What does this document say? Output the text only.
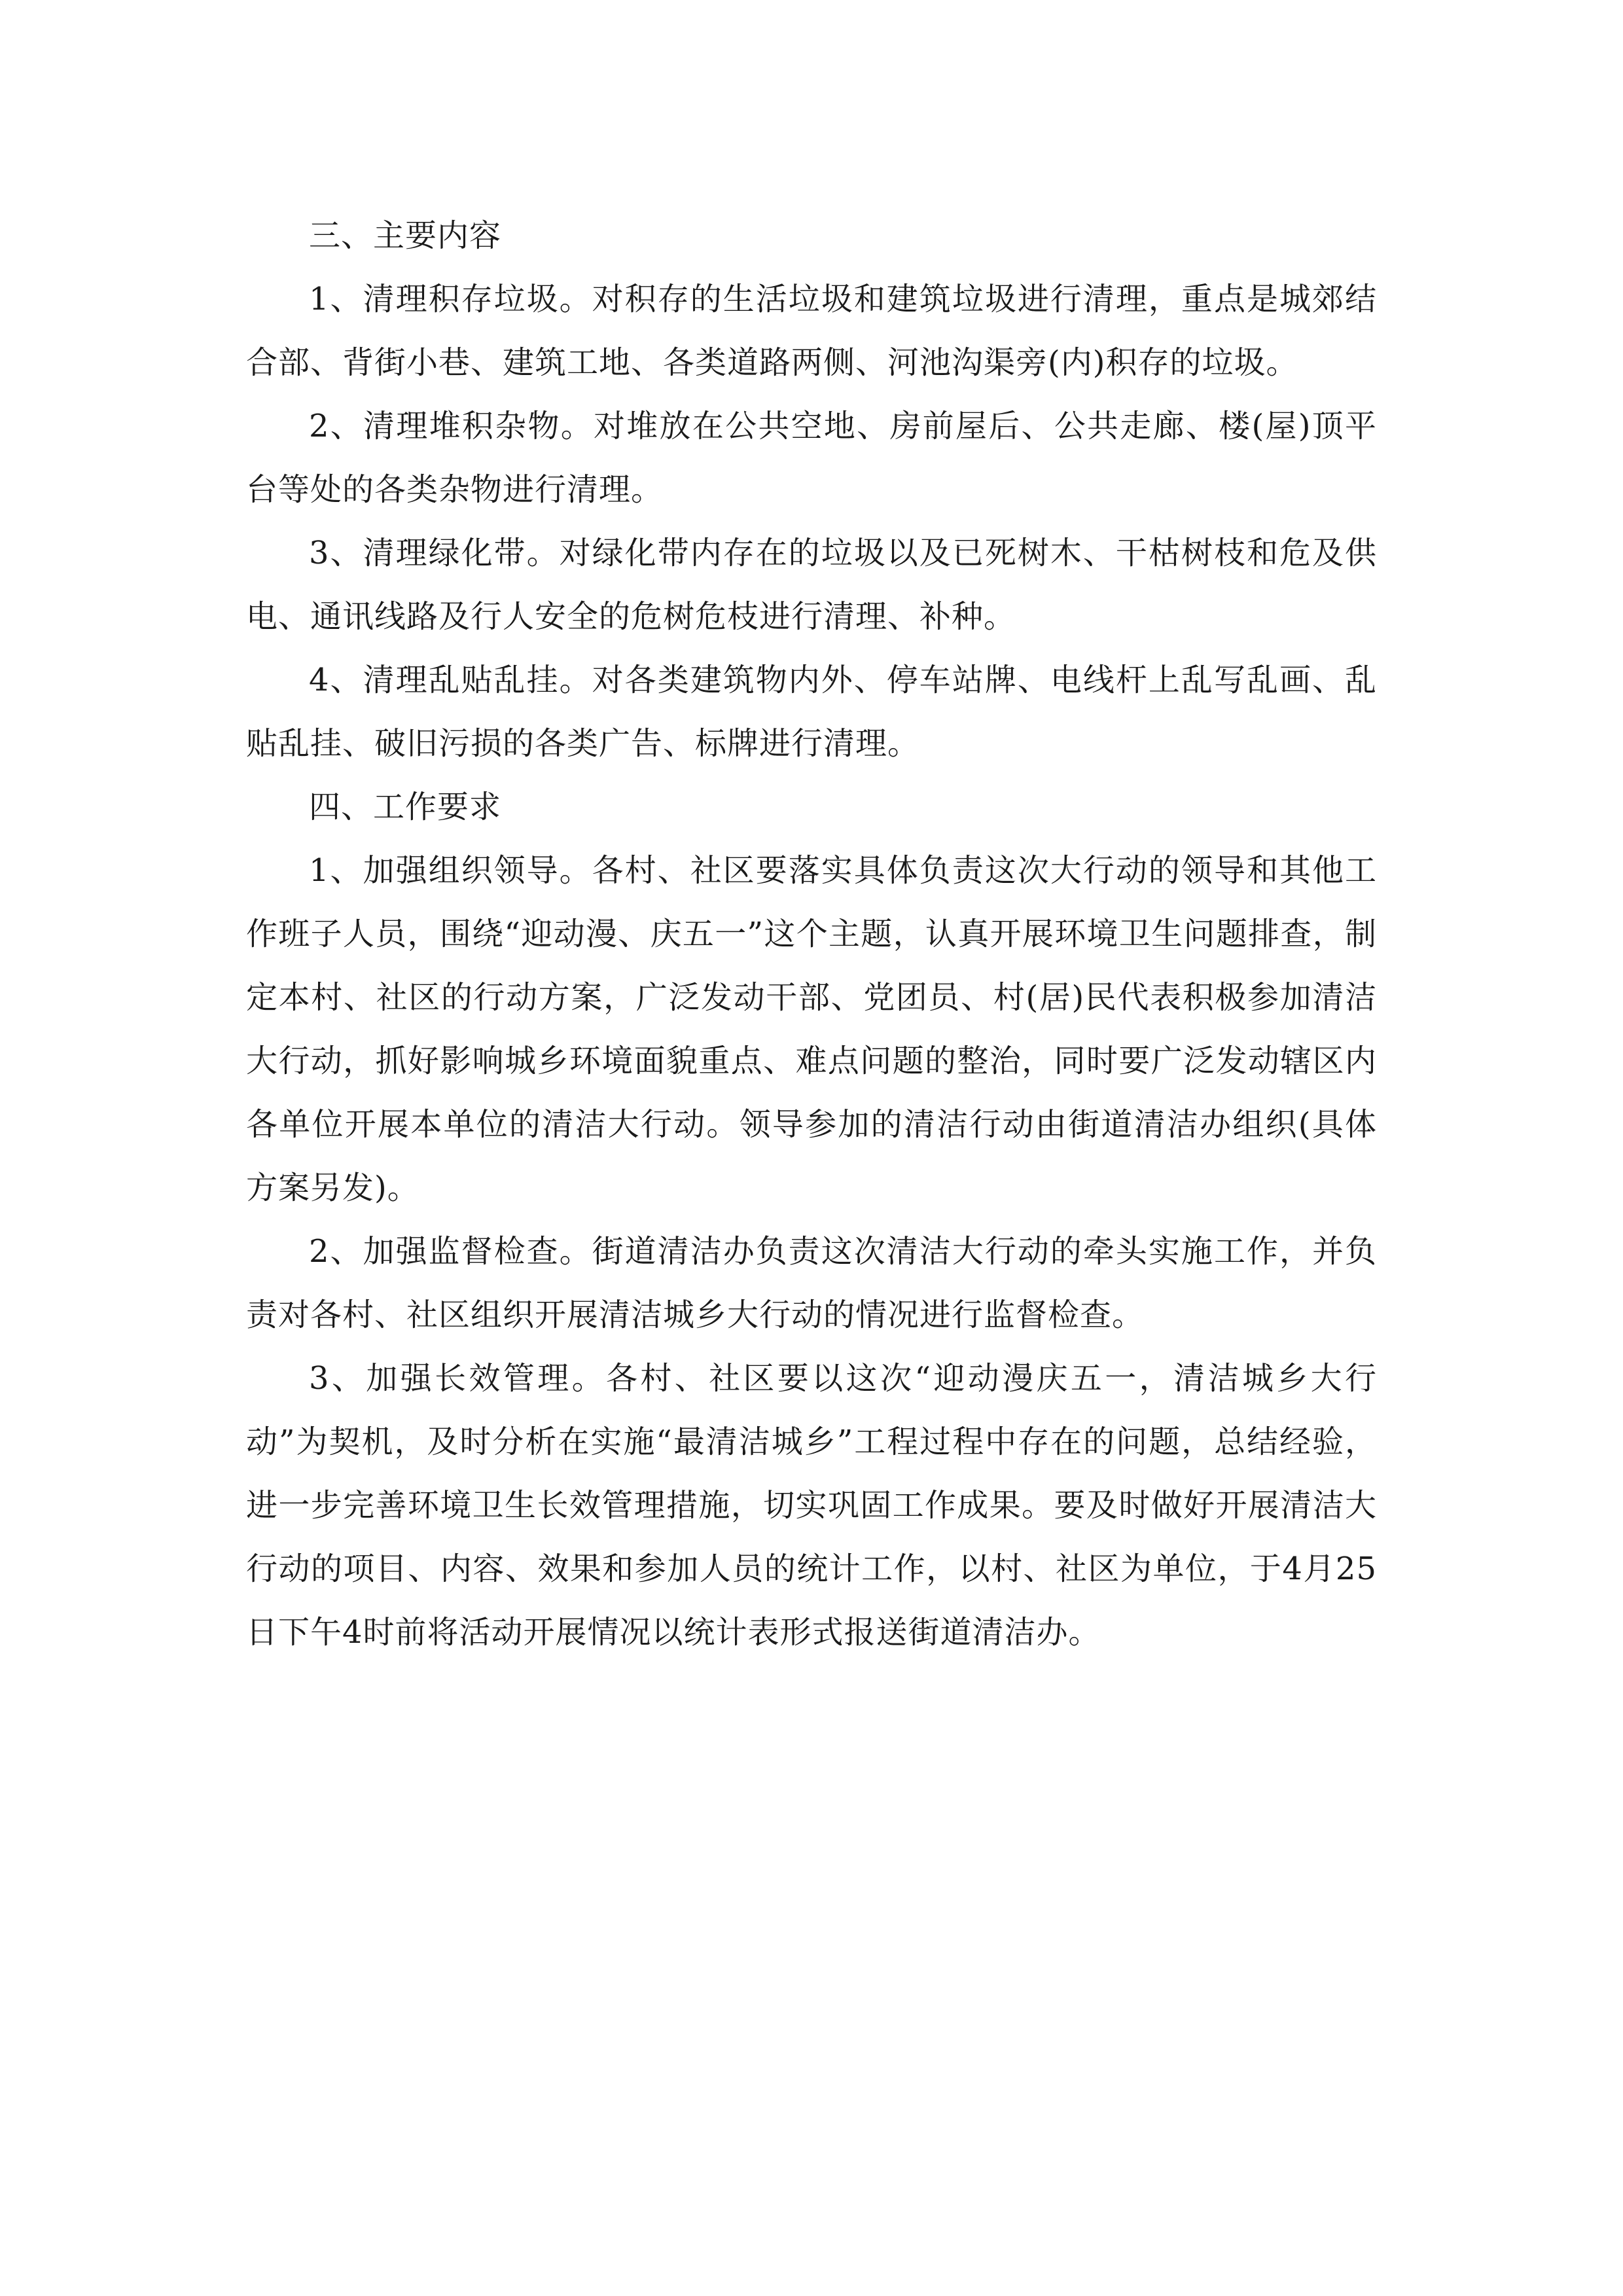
三、主要内容

1、清理积存垃圾。对积存的生活垃圾和建筑垃圾进行清理，重点是城郊结合部、背街小巷、建筑工地、各类道路两侧、河池沟渠旁(内)积存的垃圾。

2、清理堆积杂物。对堆放在公共空地、房前屋后、公共走廊、楼(屋)顶平台等处的各类杂物进行清理。

3、清理绿化带。对绿化带内存在的垃圾以及已死树木、干枯树枝和危及供电、通讯线路及行人安全的危树危枝进行清理、补种。

4、清理乱贴乱挂。对各类建筑物内外、停车站牌、电线杆上乱写乱画、乱贴乱挂、破旧污损的各类广告、标牌进行清理。

四、工作要求

1、加强组织领导。各村、社区要落实具体负责这次大行动的领导和其他工作班子人员，围绕“迎动漫、庆五一”这个主题，认真开展环境卫生问题排查，制定本村、社区的行动方案，广泛发动干部、党团员、村(居)民代表积极参加清洁大行动，抓好影响城乡环境面貌重点、难点问题的整治，同时要广泛发动辖区内各单位开展本单位的清洁大行动。领导参加的清洁行动由街道清洁办组织(具体方案另发)。

2、加强监督检查。街道清洁办负责这次清洁大行动的牵头实施工作，并负责对各村、社区组织开展清洁城乡大行动的情况进行监督检查。

3、加强长效管理。各村、社区要以这次“迎动漫庆五一，清洁城乡大行动”为契机，及时分析在实施“最清洁城乡”工程过程中存在的问题，总结经验，进一步完善环境卫生长效管理措施，切实巩固工作成果。要及时做好开展清洁大行动的项目、内容、效果和参加人员的统计工作，以村、社区为单位，于4月25日下午4时前将活动开展情况以统计表形式报送街道清洁办。
